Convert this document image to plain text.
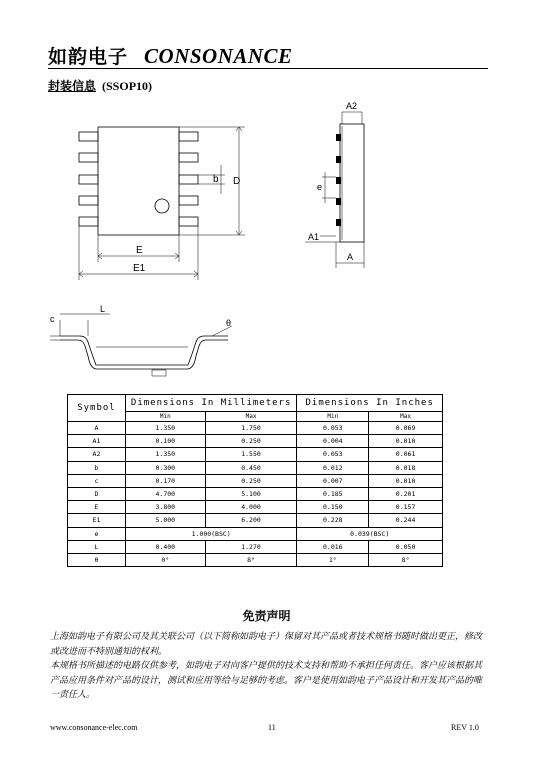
如韵电子 CONSONANCE
封装信息 (SSOP10)
D
b
E
E1
A2
e
A1
A
L
c	θ
Symbol	Dimensions In Millimeters		Dimensions In Inches	
	Min	Max	Min	Max
A	1.350	1.750	0.053	0.069
A1	0.100	0.250	0.004	0.010
A2	1.350	1.550	0.053	0.061
b	0.300	0.450	0.012	0.018
c	0.170	0.250	0.007	0.010
D	4.700	5.100	0.185	0.201
E	3.800	4.000	0.150	0.157
E1	5.000	6.200	0.228	0.244
e	1.000(BSC)		0.039(BSC)	
L	0.400	1.270	0.016	0.050
θ	0°	8°	1°	8°
免责声明

上海如韵电子有限公司及其关联公司（以下简称如韵电子）保留对其产品或者技术规格书随时做出更正，修改或改进而不特别通知的权利。

本规格书所描述的电路仅供参考，如韵电子对向客户提供的技术支持和帮助不承担任何责任。客户应该根据其产品应用条件对产品的设计，测试和应用等给与足够的考虑。客户是使用如韵电子产品设计和开发其产品的唯一责任人。

www.consonance-elec.com	11	REV 1.0
